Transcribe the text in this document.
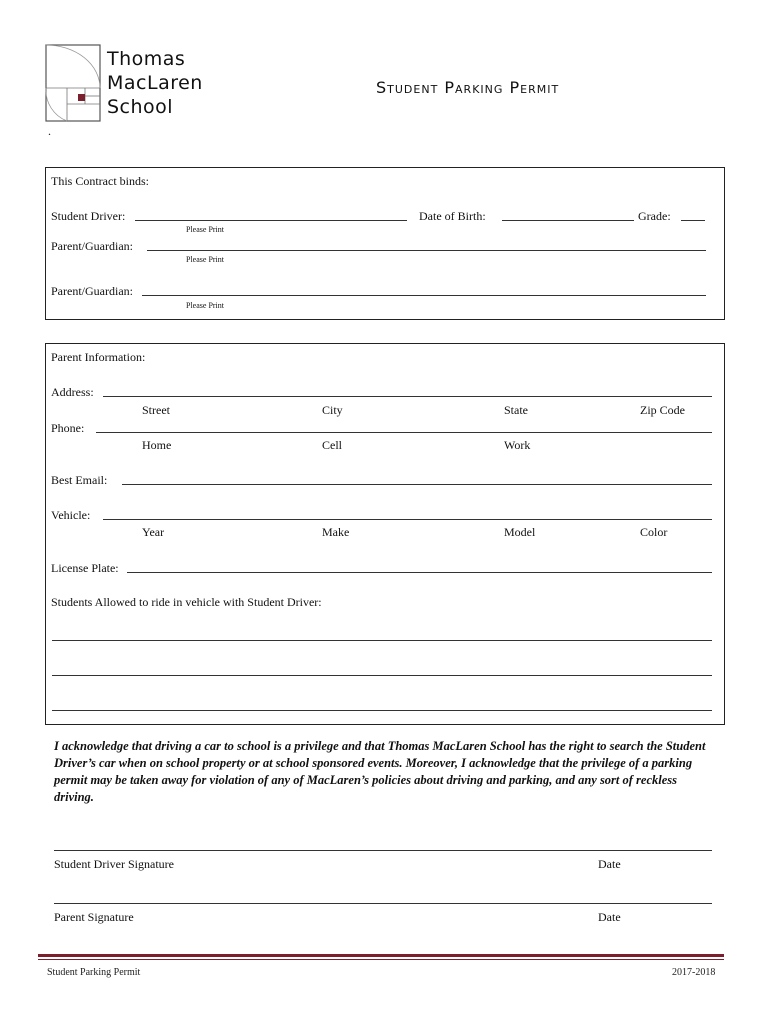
Thomas
MacLaren
School
Student Parking Permit
.
This Contract binds:
Student Driver:	Date of Birth:	Grade:
Please Print
Parent/Guardian:
Please Print
Parent/Guardian:
Please Print
Parent Information:
Address:
Street	City	State	Zip Code
Phone:
Home	Cell	Work
Best Email:
Vehicle:
Year	Make	Model	Color
License Plate:
Students Allowed to ride in vehicle with Student Driver:
I acknowledge that driving a car to school is a privilege and that Thomas MacLaren School has the right to search the Student Driver’s car when on school property or at school sponsored events. Moreover, I acknowledge that the privilege of a parking permit may be taken away for violation of any of MacLaren’s policies about driving and parking, and any sort of reckless driving.
Student Driver Signature	Date
Parent Signature	Date
Student Parking Permit	2017-2018
